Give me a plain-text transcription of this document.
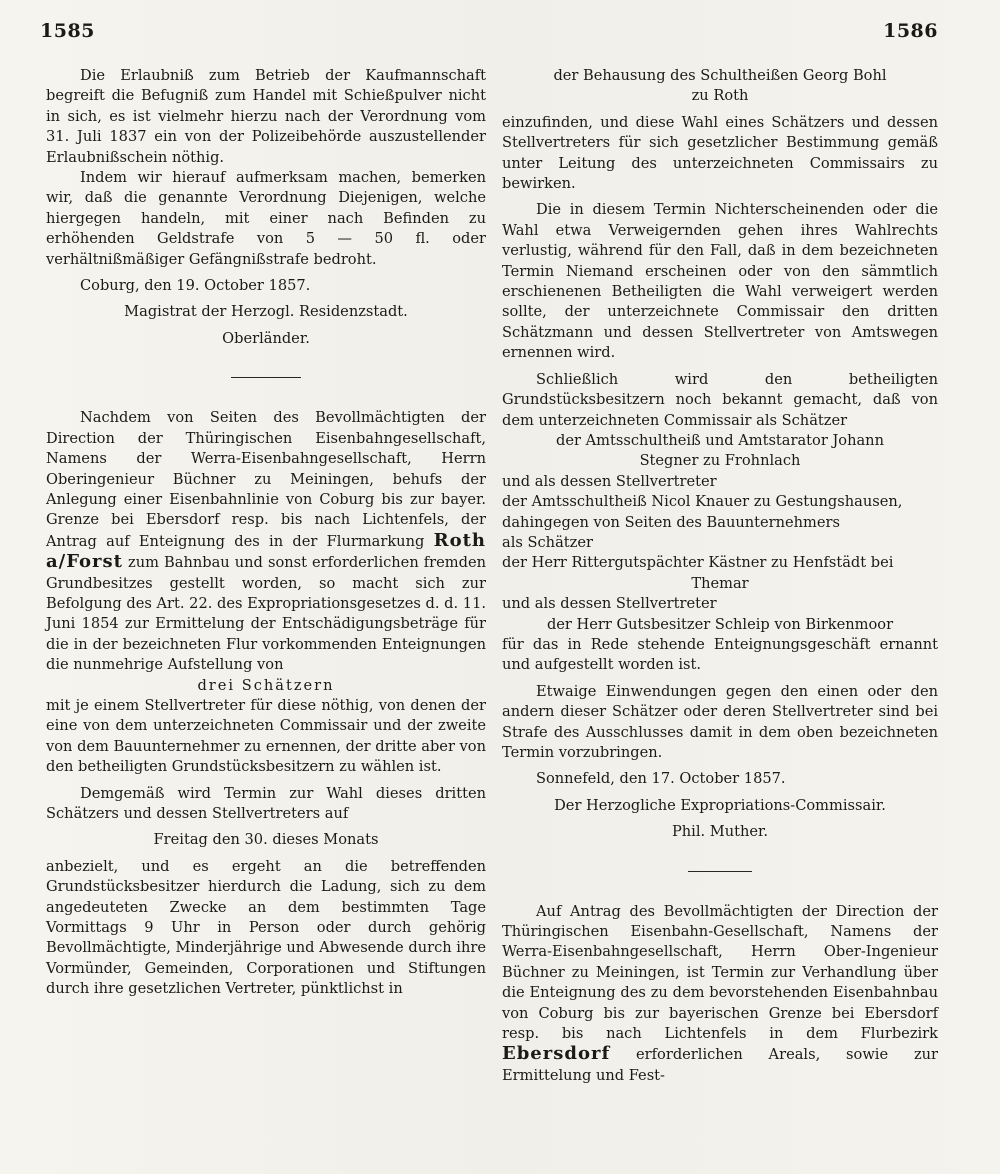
1585	1586

Die Erlaubniß zum Betrieb der Kaufmannschaft begreift die Befugniß zum Handel mit Schießpulver nicht in sich, es ist vielmehr hierzu nach der Verordnung vom 31. Juli 1837 ein von der Polizeibehörde auszustellender Erlaubnißschein nöthig.

Indem wir hierauf aufmerksam machen, bemerken wir, daß die genannte Verordnung Diejenigen, welche hiergegen handeln, mit einer nach Befinden zu erhöhenden Geldstrafe von 5 — 50 fl. oder verhältnißmäßiger Gefängnißstrafe bedroht.

Coburg, den 19. October 1857.

Magistrat der Herzogl. Residenzstadt.

Oberländer.

Nachdem von Seiten des Bevollmächtigten der Direction der Thüringischen Eisenbahngesellschaft, Namens der Werra-Eisenbahngesellschaft, Herrn Oberingenieur Büchner zu Meiningen, behufs der Anlegung einer Eisenbahnlinie von Coburg bis zur bayer. Grenze bei Ebersdorf resp. bis nach Lichtenfels, der Antrag auf Enteignung des in der Flurmarkung Roth a/Forst zum Bahnbau und sonst erforderlichen fremden Grundbesitzes gestellt worden, so macht sich zur Befolgung des Art. 22. des Expropriationsgesetzes d. d. 11. Juni 1854 zur Ermittelung der Entschädigungsbeträge für die in der bezeichneten Flur vorkommenden Enteignungen die nunmehrige Aufstellung von

drei Schätzern

mit je einem Stellvertreter für diese nöthig, von denen der eine von dem unterzeichneten Commissair und der zweite von dem Bauunternehmer zu ernennen, der dritte aber von den betheiligten Grundstücksbesitzern zu wählen ist.

Demgemäß wird Termin zur Wahl dieses dritten Schätzers und dessen Stellvertreters auf

Freitag den 30. dieses Monats

anbezielt, und es ergeht an die betreffenden Grundstücksbesitzer hierdurch die Ladung, sich zu dem angedeuteten Zwecke an dem bestimmten Tage Vormittags 9 Uhr in Person oder durch gehörig Bevollmächtigte, Minderjährige und Abwesende durch ihre Vormünder, Gemeinden, Corporationen und Stiftungen durch ihre gesetzlichen Vertreter, pünktlichst in

der Behausung des Schultheißen Georg Bohl

zu Roth

einzufinden, und diese Wahl eines Schätzers und dessen Stellvertreters für sich gesetzlicher Bestimmung gemäß unter Leitung des unterzeichneten Commissairs zu bewirken.

Die in diesem Termin Nichterscheinenden oder die Wahl etwa Verweigernden gehen ihres Wahlrechts verlustig, während für den Fall, daß in dem bezeichneten Termin Niemand erscheinen oder von den sämmtlich erschienenen Betheiligten die Wahl verweigert werden sollte, der unterzeichnete Commissair den dritten Schätzmann und dessen Stellvertreter von Amtswegen ernennen wird.

Schließlich wird den betheiligten Grundstücksbesitzern noch bekannt gemacht, daß von dem unterzeichneten Commissair als Schätzer

der Amtsschultheiß und Amtstarator Johann

Stegner zu Frohnlach

und als dessen Stellvertreter

der Amtsschultheiß Nicol Knauer zu Gestungshausen,

dahingegen von Seiten des Bauunternehmers

als Schätzer

der Herr Rittergutspächter Kästner zu Henfstädt bei

Themar

und als dessen Stellvertreter

der Herr Gutsbesitzer Schleip von Birkenmoor

für das in Rede stehende Enteignungsgeschäft ernannt und aufgestellt worden ist.

Etwaige Einwendungen gegen den einen oder den andern dieser Schätzer oder deren Stellvertreter sind bei Strafe des Ausschlusses damit in dem oben bezeichneten Termin vorzubringen.

Sonnefeld, den 17. October 1857.

Der Herzogliche Expropriations-Commissair.

Phil. Muther.

Auf Antrag des Bevollmächtigten der Direction der Thüringischen Eisenbahn-Gesellschaft, Namens der Werra-Eisenbahngesellschaft, Herrn Ober-Ingenieur Büchner zu Meiningen, ist Termin zur Verhandlung über die Enteignung des zu dem bevorstehenden Eisenbahnbau von Coburg bis zur bayerischen Grenze bei Ebersdorf resp. bis nach Lichtenfels in dem Flurbezirk Ebersdorf erforderlichen Areals, sowie zur Ermittelung und Fest-
